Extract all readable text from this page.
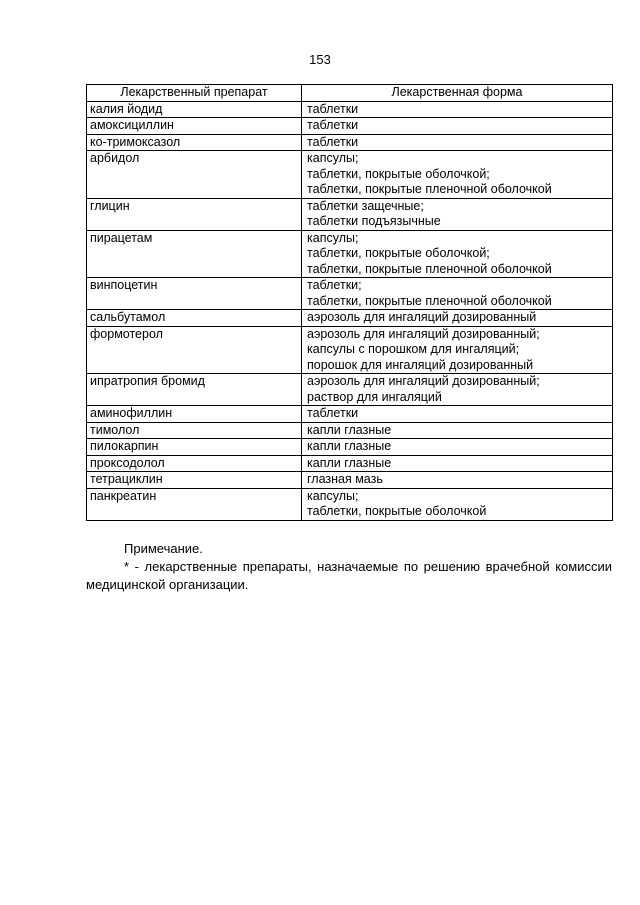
153
Лекарственный препарат	Лекарственная форма
калия йодид	таблетки

амоксициллин	таблетки

ко-тримоксазол	таблетки

арбидол	капсулы;
таблетки, покрытые оболочкой;
таблетки, покрытые пленочной оболочкой

глицин	таблетки защечные;
таблетки подъязычные

пирацетам	капсулы;
таблетки, покрытые оболочкой;
таблетки, покрытые пленочной оболочкой

винпоцетин	таблетки;
таблетки, покрытые пленочной оболочкой

сальбутамол	аэрозоль для ингаляций дозированный

формотерол	аэрозоль для ингаляций дозированный;
капсулы с порошком для ингаляций;
порошок для ингаляций дозированный

ипратропия бромид	аэрозоль для ингаляций дозированный;
раствор для ингаляций

аминофиллин	таблетки

тимолол	капли глазные

пилокарпин	капли глазные

проксодолол	капли глазные

тетрациклин	глазная мазь

панкреатин	капсулы;
таблетки, покрытые оболочкой
Примечание.
* - лекарственные препараты, назначаемые по решению врачебной комиссии медицинской организации.
